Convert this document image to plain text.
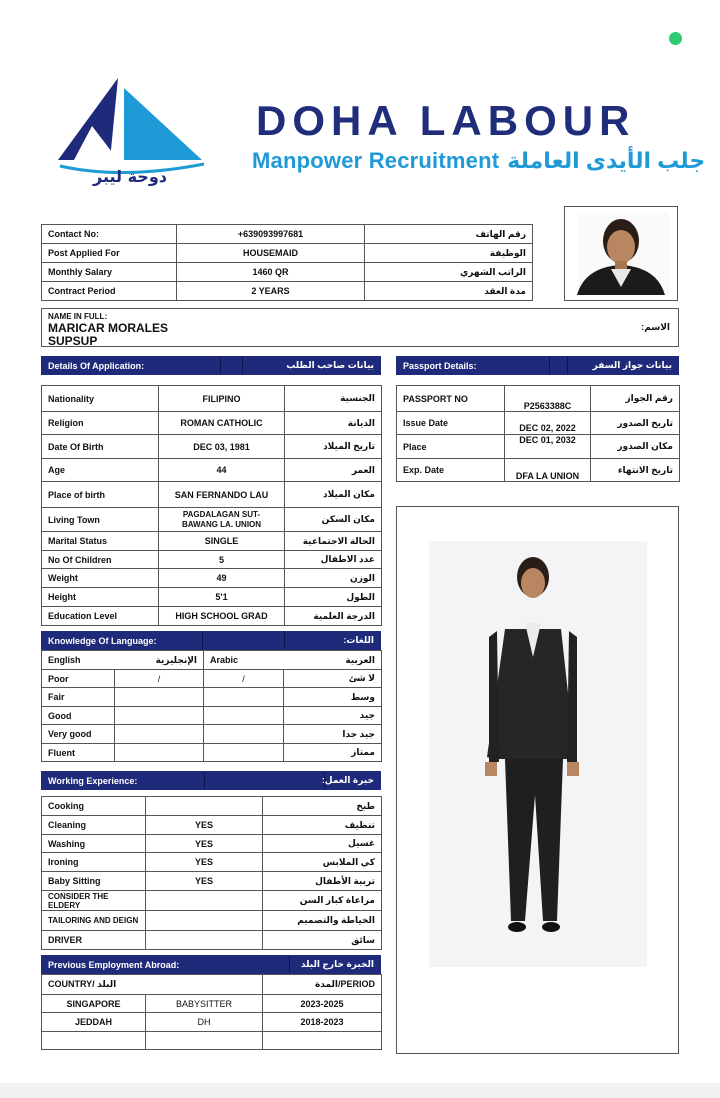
دوحة ليبر
DOHA LABOUR
Manpower Recruitment جلب الأيدى العاملة
Contact No:	+639093997681	رقم الهاتف
Post Applied For	HOUSEMAID	الوظيفة
Monthly Salary	1460 QR	الراتب الشهري
Contract Period	2 YEARS	مدة العقد
NAME IN FULL:
MARICAR MORALES
SUPSUP
الاسم:
Details Of Application:	بيانات صاحب الطلب	Passport Details:	بيانات جواز السفر
Nationality	FILIPINO	الجنسية
Religion	ROMAN CATHOLIC	الديانة
Date Of Birth	DEC 03, 1981	تاريخ الميلاد
Age	44	العمر
Place of birth	SAN FERNANDO LAU	مكان الميلاد
Living Town	PAGDALAGAN SUT-BAWANG LA. UNION	مكان السكن
Marital Status	SINGLE	الحالة الاجتماعية
No Of Children	5	عدد الاطفال
Weight	49	الوزن
Height	5'1	الطول
Education Level	HIGH SCHOOL GRAD	الدرجة العلمية
PASSPORT NO	P2563388C	رقم الجواز
Issue Date	DEC 02, 2022	تاريخ الصدور
Place	DEC 01, 2032	مكان الصدور
Exp. Date	DFA LA UNION	تاريخ الانتهاء
Knowledge Of Language:	اللغات:
English	الإنجليزية	Arabic	العربية
Poor	/	/	لا شئ
Fair			وسط
Good			جيد
Very good			جيد جدا
Fluent			ممتاز
Working Experience:	خبرة العمل:
Cooking		طبخ
Cleaning	YES	تنظيف
Washing	YES	غسيل
Ironing	YES	كي الملابس
Baby Sitting	YES	تربية الأطفال
CONSIDER THE ELDERY		مراعاة كبار السن
TAILORING AND DEIGN		الخياطة والتصميم
DRIVER		سائق
Previous Employment Abroad:	الخبرة خارج البلد
COUNTRY/ البلد		PERIOD/المدة
SINGAPORE	BABYSITTER	2023-2025
JEDDAH	DH	2018-2023
